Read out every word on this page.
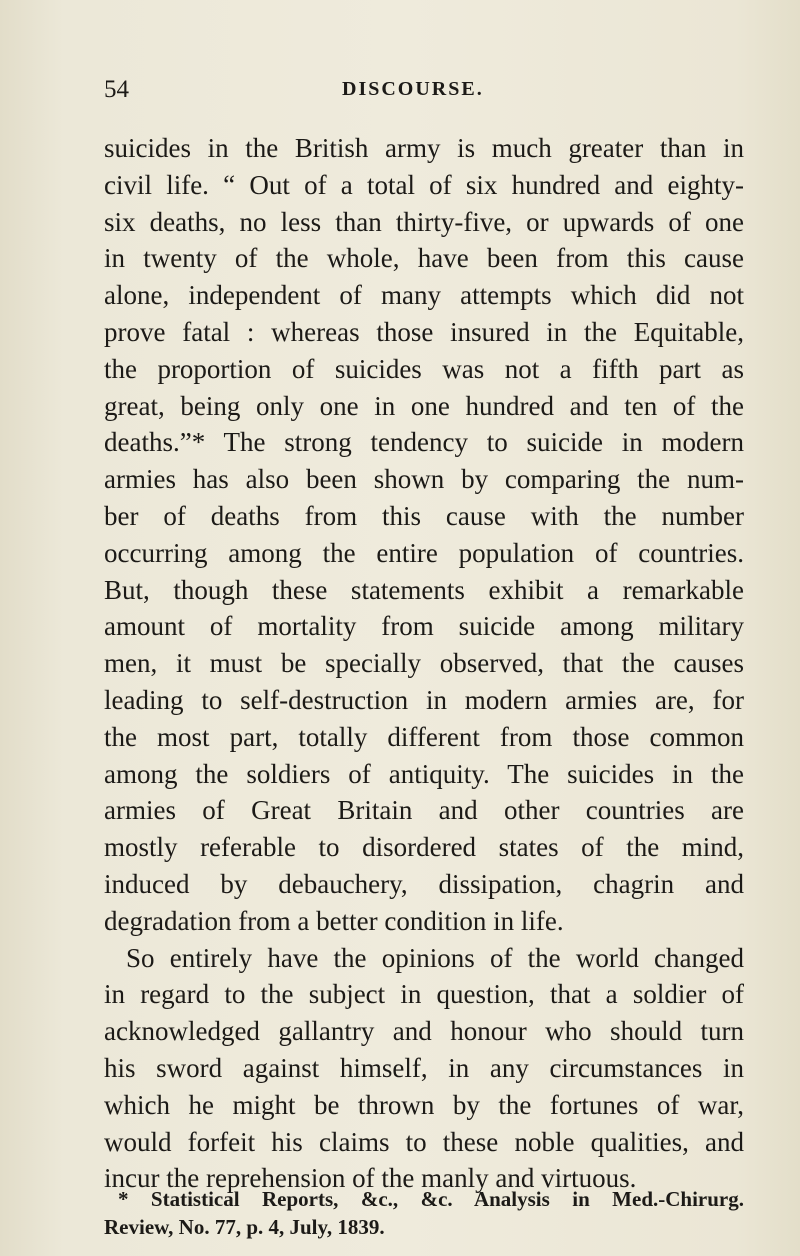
54	DISCOURSE.
suicides in the British army is much greater than in
civil life. “ Out of a total of six hundred and eighty-
six deaths, no less than thirty-five, or upwards of one
in twenty of the whole, have been from this cause
alone, independent of many attempts which did not
prove fatal : whereas those insured in the Equitable,
the proportion of suicides was not a fifth part as
great, being only one in one hundred and ten of the
deaths.”* The strong tendency to suicide in modern
armies has also been shown by comparing the num-
ber of deaths from this cause with the number
occurring among the entire population of countries.
But, though these statements exhibit a remarkable
amount of mortality from suicide among military
men, it must be specially observed, that the causes
leading to self-destruction in modern armies are, for
the most part, totally different from those common
among the soldiers of antiquity. The suicides in the
armies of Great Britain and other countries are
mostly referable to disordered states of the mind,
induced by debauchery, dissipation, chagrin and
degradation from a better condition in life.
So entirely have the opinions of the world changed
in regard to the subject in question, that a soldier of
acknowledged gallantry and honour who should turn
his sword against himself, in any circumstances in
which he might be thrown by the fortunes of war,
would forfeit his claims to these noble qualities, and
incur the reprehension of the manly and virtuous.
* Statistical Reports, &c., &c. Analysis in Med.-Chirurg.
Review, No. 77, p. 4, July, 1839.
